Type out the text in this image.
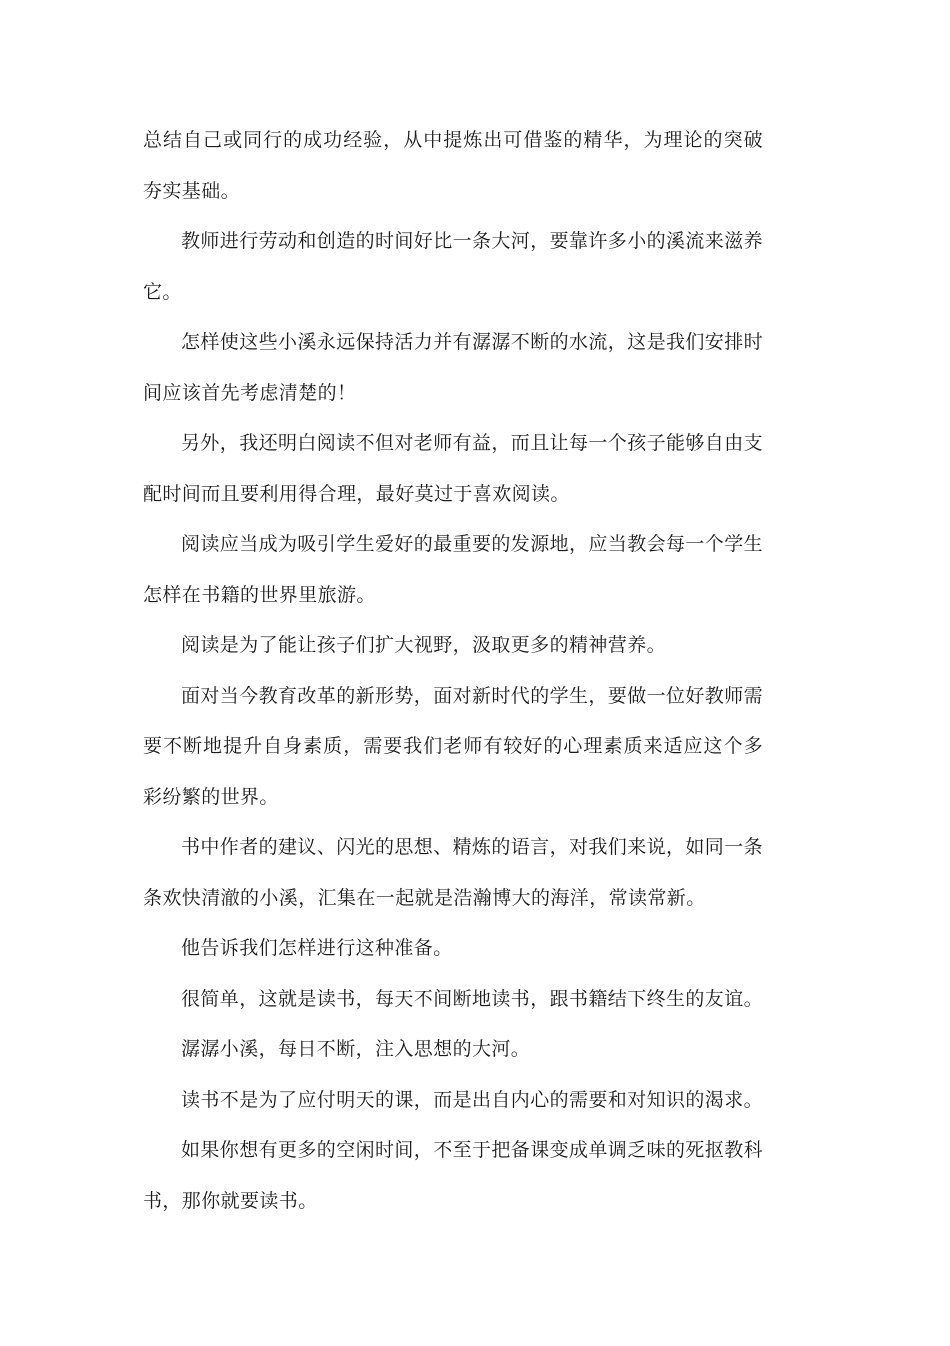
总结自己或同行的成功经验，从中提炼出可借鉴的精华，为理论的突破夯实基础。

教师进行劳动和创造的时间好比一条大河，要靠许多小的溪流来滋养它。

怎样使这些小溪永远保持活力并有潺潺不断的水流，这是我们安排时间应该首先考虑清楚的！

另外，我还明白阅读不但对老师有益，而且让每一个孩子能够自由支配时间而且要利用得合理，最好莫过于喜欢阅读。

阅读应当成为吸引学生爱好的最重要的发源地，应当教会每一个学生怎样在书籍的世界里旅游。

阅读是为了能让孩子们扩大视野，汲取更多的精神营养。

面对当今教育改革的新形势，面对新时代的学生，要做一位好教师需要不断地提升自身素质，需要我们老师有较好的心理素质来适应这个多彩纷繁的世界。

书中作者的建议、闪光的思想、精炼的语言，对我们来说，如同一条条欢快清澈的小溪，汇集在一起就是浩瀚博大的海洋，常读常新。

他告诉我们怎样进行这种准备。

很简单，这就是读书，每天不间断地读书，跟书籍结下终生的友谊。

潺潺小溪，每日不断，注入思想的大河。

读书不是为了应付明天的课，而是出自内心的需要和对知识的渴求。

如果你想有更多的空闲时间，不至于把备课变成单调乏味的死抠教科书，那你就要读书。
